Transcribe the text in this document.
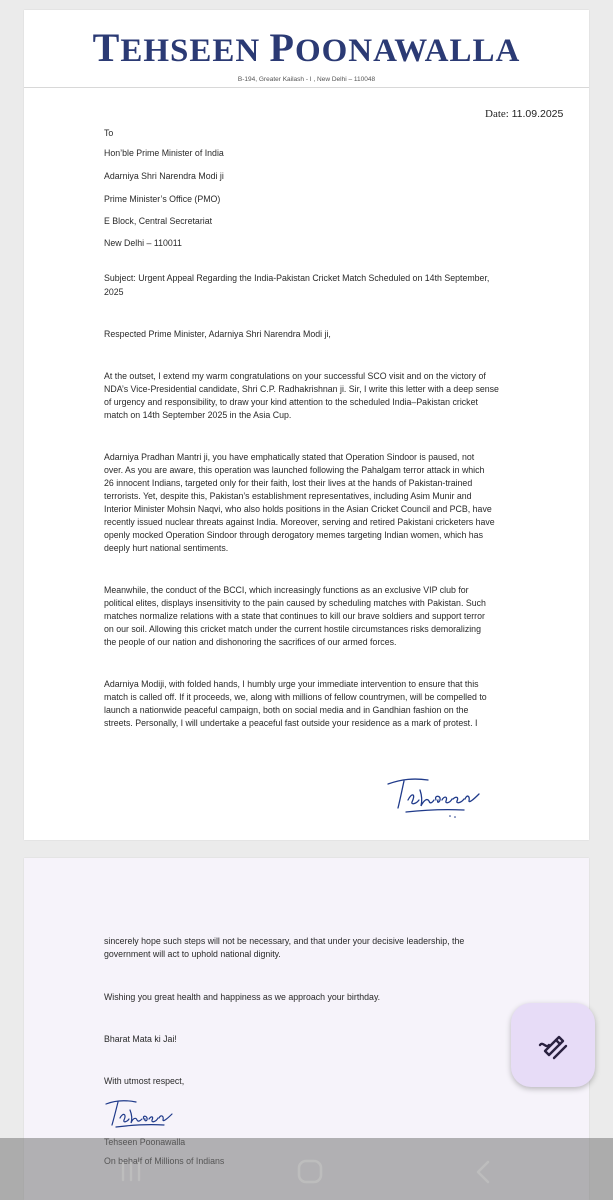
TEHSEEN POONAWALLA
B-194, Greater Kailash - I , New Delhi – 110048
Date: 11.09.2025
To
Hon’ble Prime Minister of India
Adarniya Shri Narendra Modi ji
Prime Minister’s Office (PMO)
E Block, Central Secretariat
New Delhi – 110011
Subject: Urgent Appeal Regarding the India-Pakistan Cricket Match Scheduled on 14th September,
2025
Respected Prime Minister, Adarniya Shri Narendra Modi ji,
At the outset, I extend my warm congratulations on your successful SCO visit and on the victory of
NDA’s Vice-Presidential candidate, Shri C.P. Radhakrishnan ji. Sir, I write this letter with a deep sense
of urgency and responsibility, to draw your kind attention to the scheduled India–Pakistan cricket
match on 14th September 2025 in the Asia Cup.
Adarniya Pradhan Mantri ji, you have emphatically stated that Operation Sindoor is paused, not
over. As you are aware, this operation was launched following the Pahalgam terror attack in which
26 innocent Indians, targeted only for their faith, lost their lives at the hands of Pakistan-trained
terrorists. Yet, despite this, Pakistan’s establishment representatives, including Asim Munir and
Interior Minister Mohsin Naqvi, who also holds positions in the Asian Cricket Council and PCB, have
recently issued nuclear threats against India. Moreover, serving and retired Pakistani cricketers have
openly mocked Operation Sindoor through derogatory memes targeting Indian women, which has
deeply hurt national sentiments.
Meanwhile, the conduct of the BCCI, which increasingly functions as an exclusive VIP club for
political elites, displays insensitivity to the pain caused by scheduling matches with Pakistan. Such
matches normalize relations with a state that continues to kill our brave soldiers and support terror
on our soil. Allowing this cricket match under the current hostile circumstances risks demoralizing
the people of our nation and dishonoring the sacrifices of our armed forces.
Adarniya Modiji, with folded hands, I humbly urge your immediate intervention to ensure that this
match is called off. If it proceeds, we, along with millions of fellow countrymen, will be compelled to
launch a nationwide peaceful campaign, both on social media and in Gandhian fashion on the
streets. Personally, I will undertake a peaceful fast outside your residence as a mark of protest. I
sincerely hope such steps will not be necessary, and that under your decisive leadership, the
government will act to uphold national dignity.
Wishing you great health and happiness as we approach your birthday.
Bharat Mata ki Jai!
With utmost respect,
